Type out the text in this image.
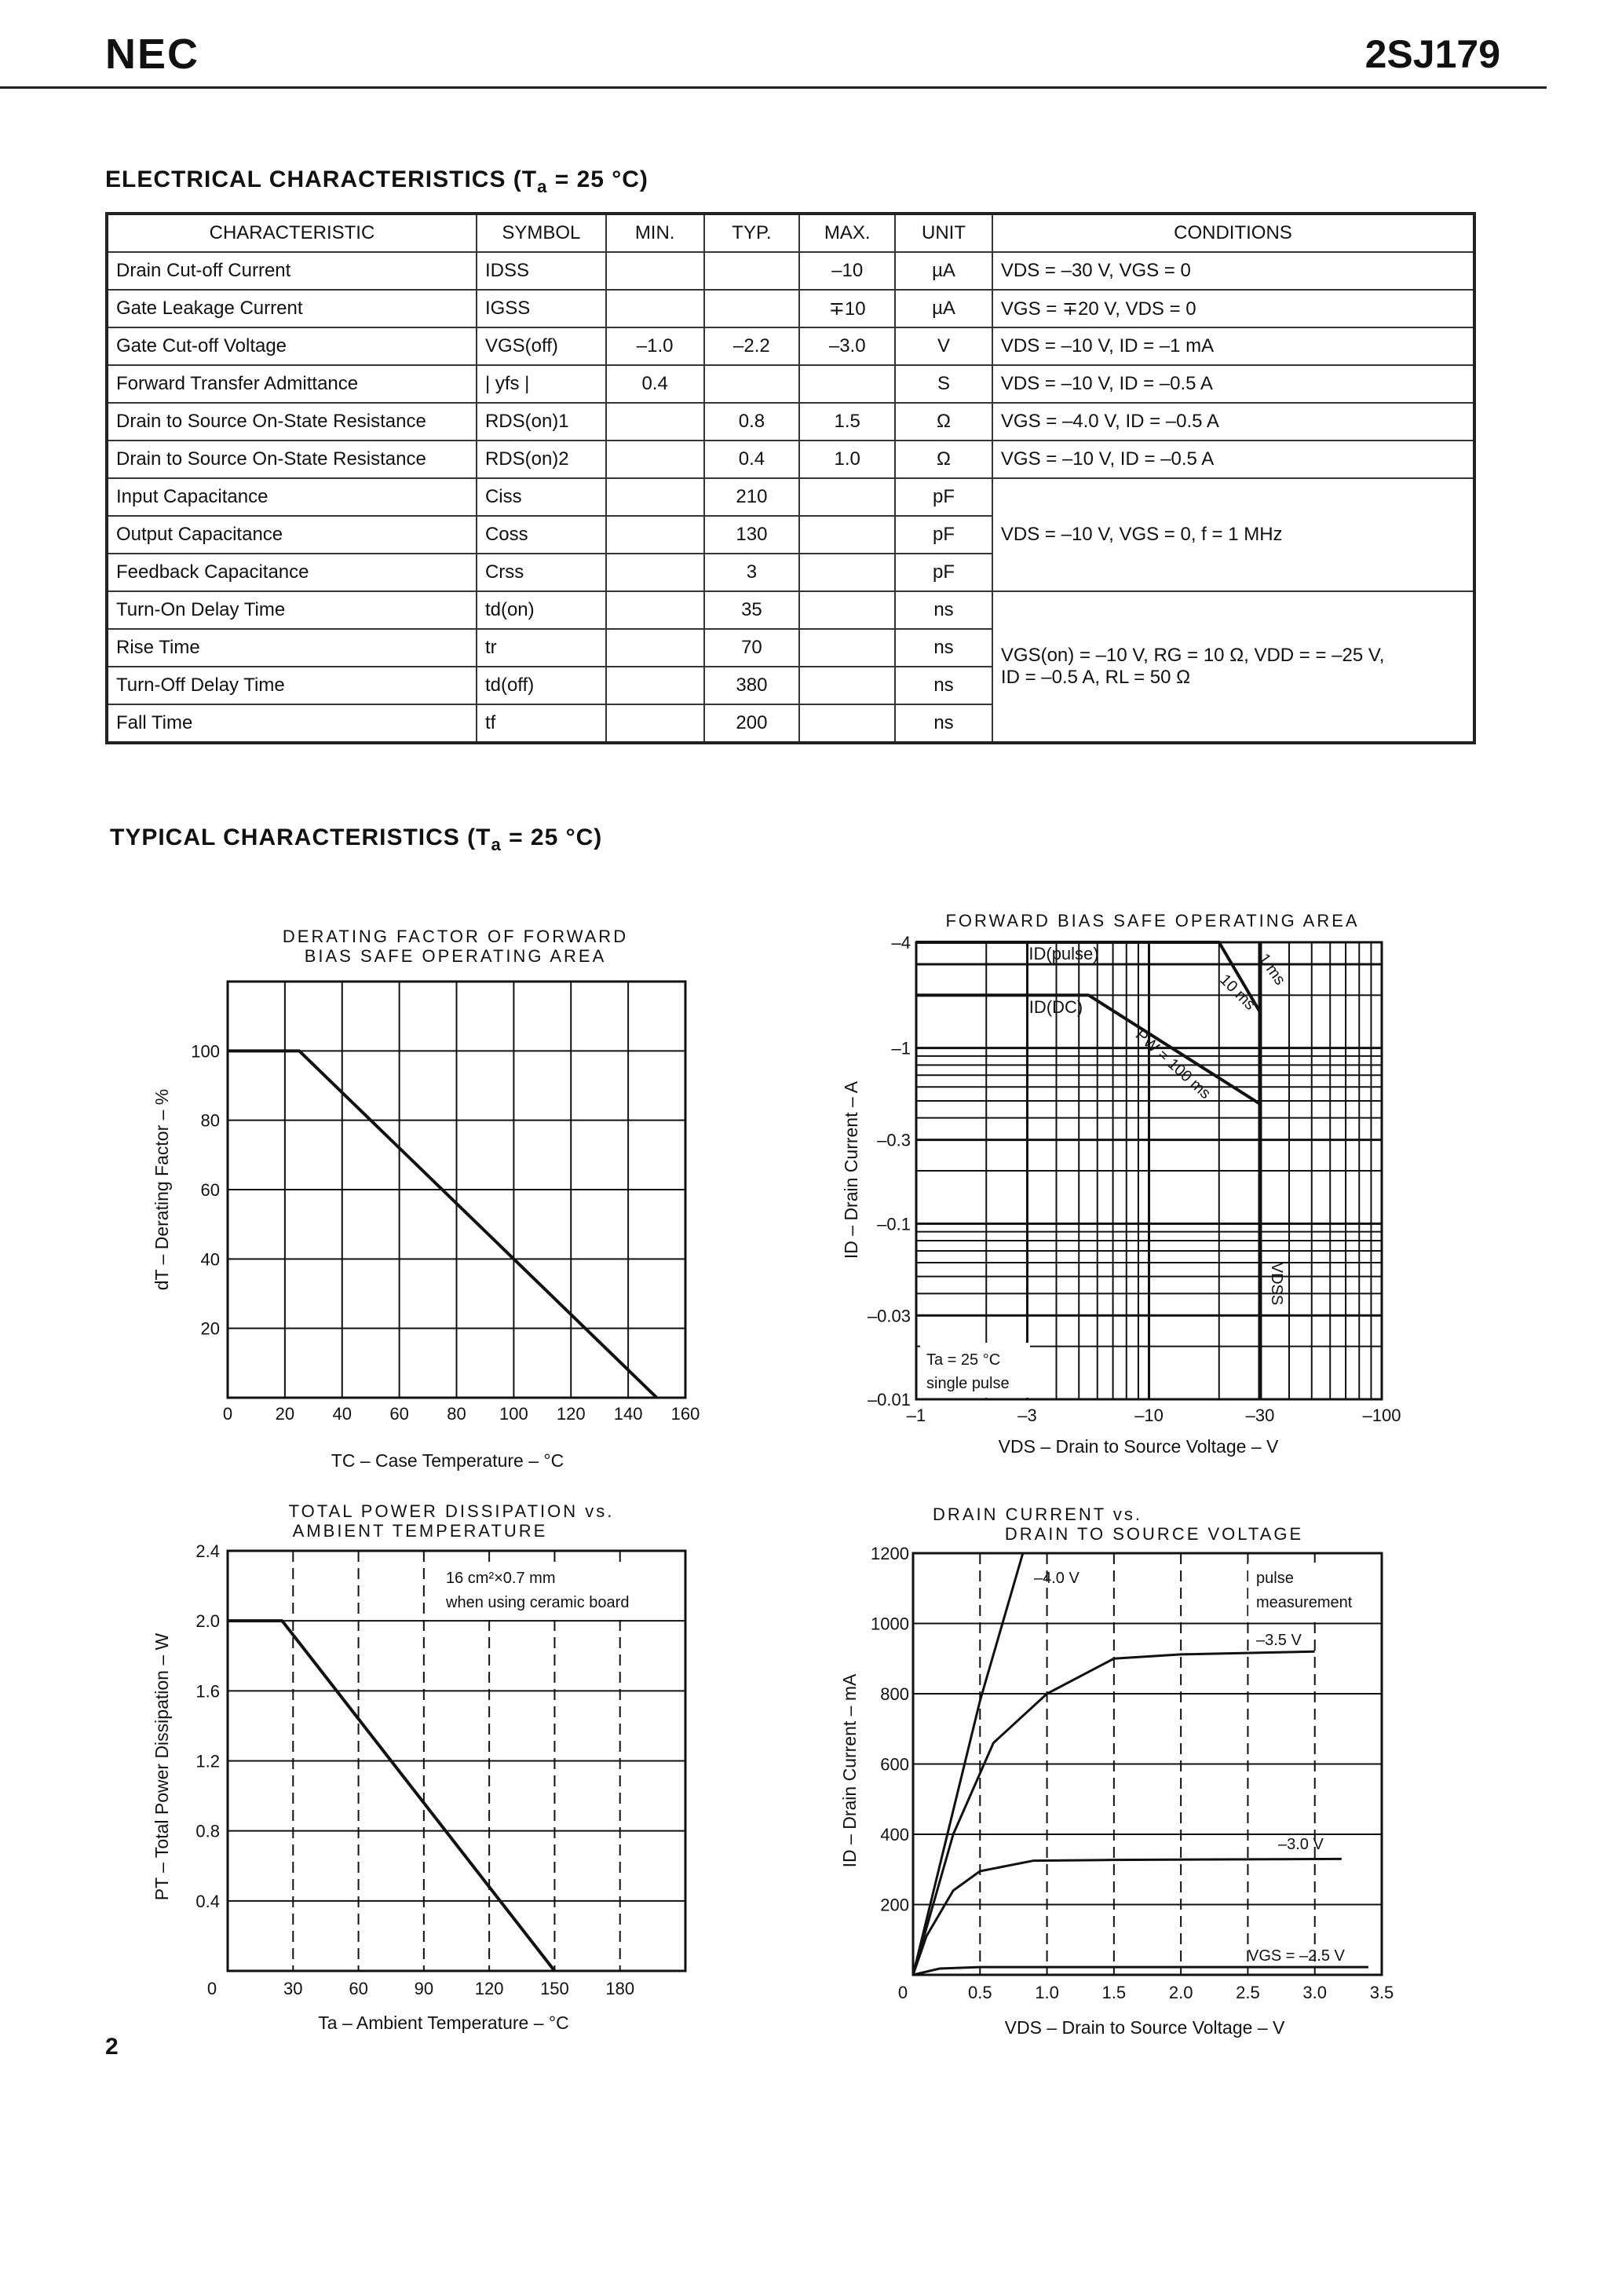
NEC	2SJ179
ELECTRICAL CHARACTERISTICS ($T_a = 25$ °C)
CHARACTERISTIC	SYMBOL	MIN.	TYP.	MAX.	UNIT	CONDITIONS
Drain Cut-off Current	IDSS			–10	µA	VDS = –30 V, VGS = 0
Gate Leakage Current	IGSS			∓10	µA	VGS = ∓20 V, VDS = 0
Gate Cut-off Voltage	VGS(off)	–1.0	–2.2	–3.0	V	VDS = –10 V, ID = –1 mA
Forward Transfer Admittance	| yfs |	0.4			S	VDS = –10 V, ID = –0.5 A
Drain to Source On-State Resistance	RDS(on)1		0.8	1.5	Ω	VGS = –4.0 V, ID = –0.5 A
Drain to Source On-State Resistance	RDS(on)2		0.4	1.0	Ω	VGS = –10 V, ID = –0.5 A
Input Capacitance	Ciss		210		pF	VDS = –10 V, VGS = 0, f = 1 MHz
Output Capacitance	Coss		130		pF	
Feedback Capacitance	Crss		3		pF	
Turn-On Delay Time	td(on)		35		ns	VGS(on) = –10 V, RG = 10 Ω, VDD = = –25 V,
ID = –0.5 A, RL = 50 Ω

Rise Time	tr		70		ns	
Turn-Off Delay Time	td(off)		380		ns	
Fall Time	tf		200		ns	
TYPICAL CHARACTERISTICS ($T_a = 25$ °C)
DERATING FACTOR OF FORWARD
BIAS SAFE OPERATING AREA
0 20 40 60 80 100 120 140 160
20
40
60
80
100
TC – Case Temperature – °C
dT – Derating Factor – %
FORWARD BIAS SAFE OPERATING AREA
–1	–3	–10	–30	–100
–4
–1
–0.3
–0.1
–0.03
–0.01
VDS – Drain to Source Voltage – V
ID – Drain Current – A
ID(pulse)
ID(DC)
1 ms
10 ms
PW = 100 ms
VDSS
Ta = 25 °C
single pulse
TOTAL POWER DISSIPATION vs.
AMBIENT TEMPERATURE
0	30	60	90 120 150 180
0.4
0.8
1.2
1.6
2.0
2.4
Ta – Ambient Temperature – °C
PT – Total Power Dissipation – W
16 cm²×0.7 mm
when using ceramic board
DRAIN CURRENT vs.
DRAIN TO SOURCE VOLTAGE
0	0.5 1.0 1.5 2.0 2.5 3.0 3.5
200
400
600
800
1000
1200
VDS – Drain to Source Voltage – V
ID – Drain Current – mA
pulse
measurement
–4.0 V
–3.5 V
–3.0 V
VGS = –2.5 V
2
